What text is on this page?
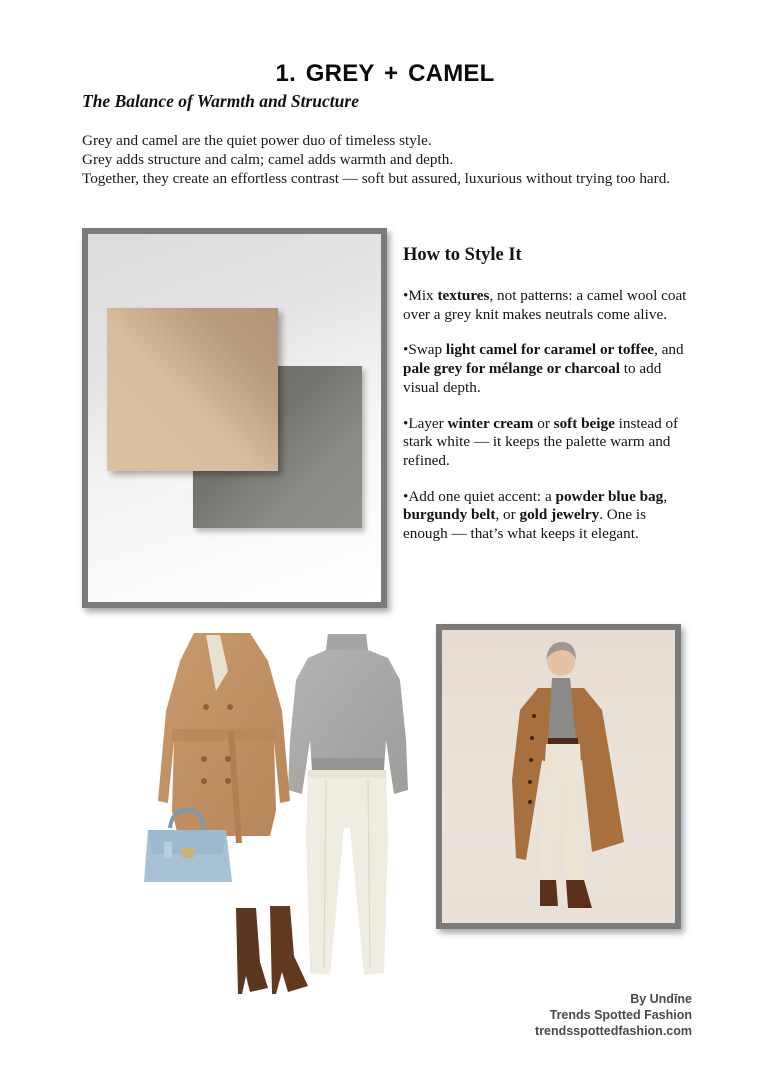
1. GREY + CAMEL
The Balance of Warmth and Structure

Grey and camel are the quiet power duo of timeless style.

Grey adds structure and calm; camel adds warmth and depth.

Together, they create an effortless contrast — soft but assured, luxurious without trying too hard.

How to Style It

•Mix textures, not patterns: a camel wool coat over a grey knit makes neutrals come alive.

•Swap light camel for caramel or toffee, and pale grey for mélange or charcoal to add visual depth.

•Layer winter cream or soft beige instead of stark white — it keeps the palette warm and refined.

•Add one quiet accent: a powder blue bag, burgundy belt, or gold jewelry. One is enough — that’s what keeps it elegant.

By Undīne
Trends Spotted Fashion
trendsspottedfashion.com
